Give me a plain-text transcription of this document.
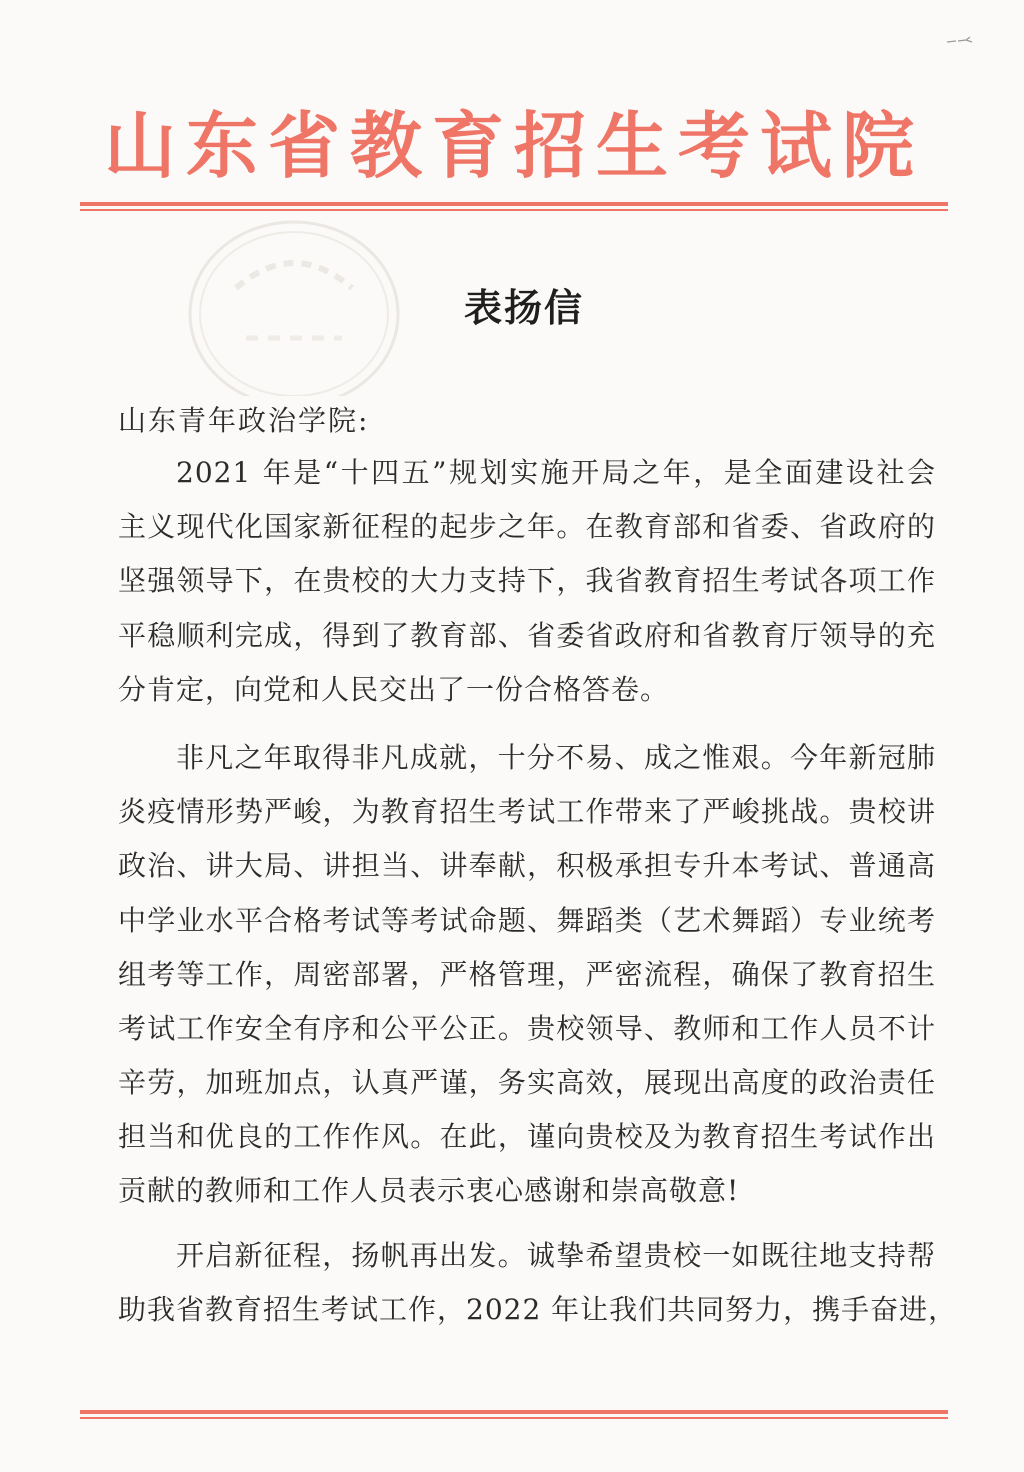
山东省教育招生考试院
表扬信
山东青年政治学院:
2021 年是“十四五”规划实施开局之年，是全面建设社会
主义现代化国家新征程的起步之年。在教育部和省委、省政府的
坚强领导下，在贵校的大力支持下，我省教育招生考试各项工作
平稳顺利完成，得到了教育部、省委省政府和省教育厅领导的充
分肯定，向党和人民交出了一份合格答卷。
非凡之年取得非凡成就，十分不易、成之惟艰。今年新冠肺
炎疫情形势严峻，为教育招生考试工作带来了严峻挑战。贵校讲
政治、讲大局、讲担当、讲奉献，积极承担专升本考试、普通高
中学业水平合格考试等考试命题、舞蹈类（艺术舞蹈）专业统考
组考等工作，周密部署，严格管理，严密流程，确保了教育招生
考试工作安全有序和公平公正。贵校领导、教师和工作人员不计
辛劳，加班加点，认真严谨，务实高效，展现出高度的政治责任
担当和优良的工作作风。在此，谨向贵校及为教育招生考试作出
贡献的教师和工作人员表示衷心感谢和崇高敬意!
开启新征程，扬帆再出发。诚挚希望贵校一如既往地支持帮
助我省教育招生考试工作，2022 年让我们共同努力，携手奋进，
